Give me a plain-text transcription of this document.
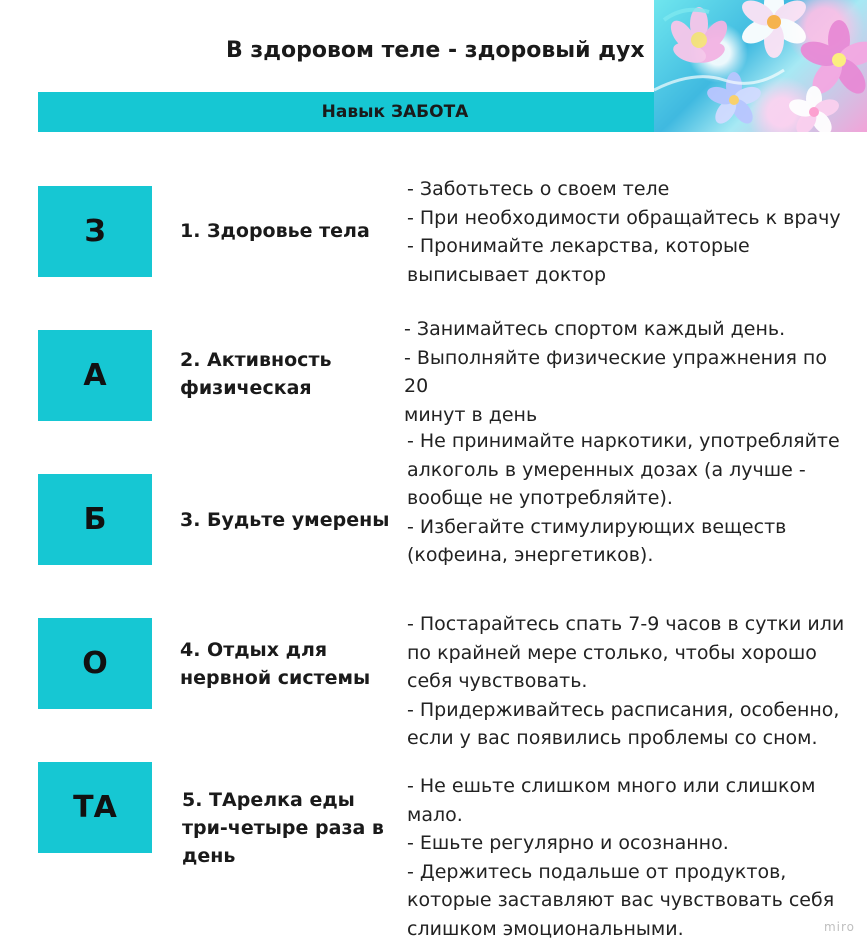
В здоровом теле - здоровый дух
Навык ЗАБОТА
З	1. Здоровье тела
- Заботьтесь о своем теле
- При необходимости обращайтесь к врачу
- Пронимайте лекарства, которые
выписывает доктор
А	2. Активность физическая
- Занимайтесь спортом каждый день.
- Выполняйте физические упражнения по 20
минут в день
Б	3. Будьте умерены
- Не принимайте наркотики, употребляйте
алкоголь в умеренных дозах (а лучше -
вообще не употребляйте).
- Избегайте стимулирующих веществ
(кофеина, энергетиков).
О	4. Отдых для нервной системы
- Постарайтесь спать 7-9 часов в сутки или
по крайней мере столько, чтобы хорошо
себя чувствовать.
- Придерживайтесь расписания, особенно,
если у вас появились проблемы со сном.
ТА	5. ТАрелка еды три-четыре раза в день
- Не ешьте слишком много или слишком
мало.
- Ешьте регулярно и осознанно.
- Держитесь подальше от продуктов,
которые заставляют вас чувствовать себя
слишком эмоциональными.	miro
